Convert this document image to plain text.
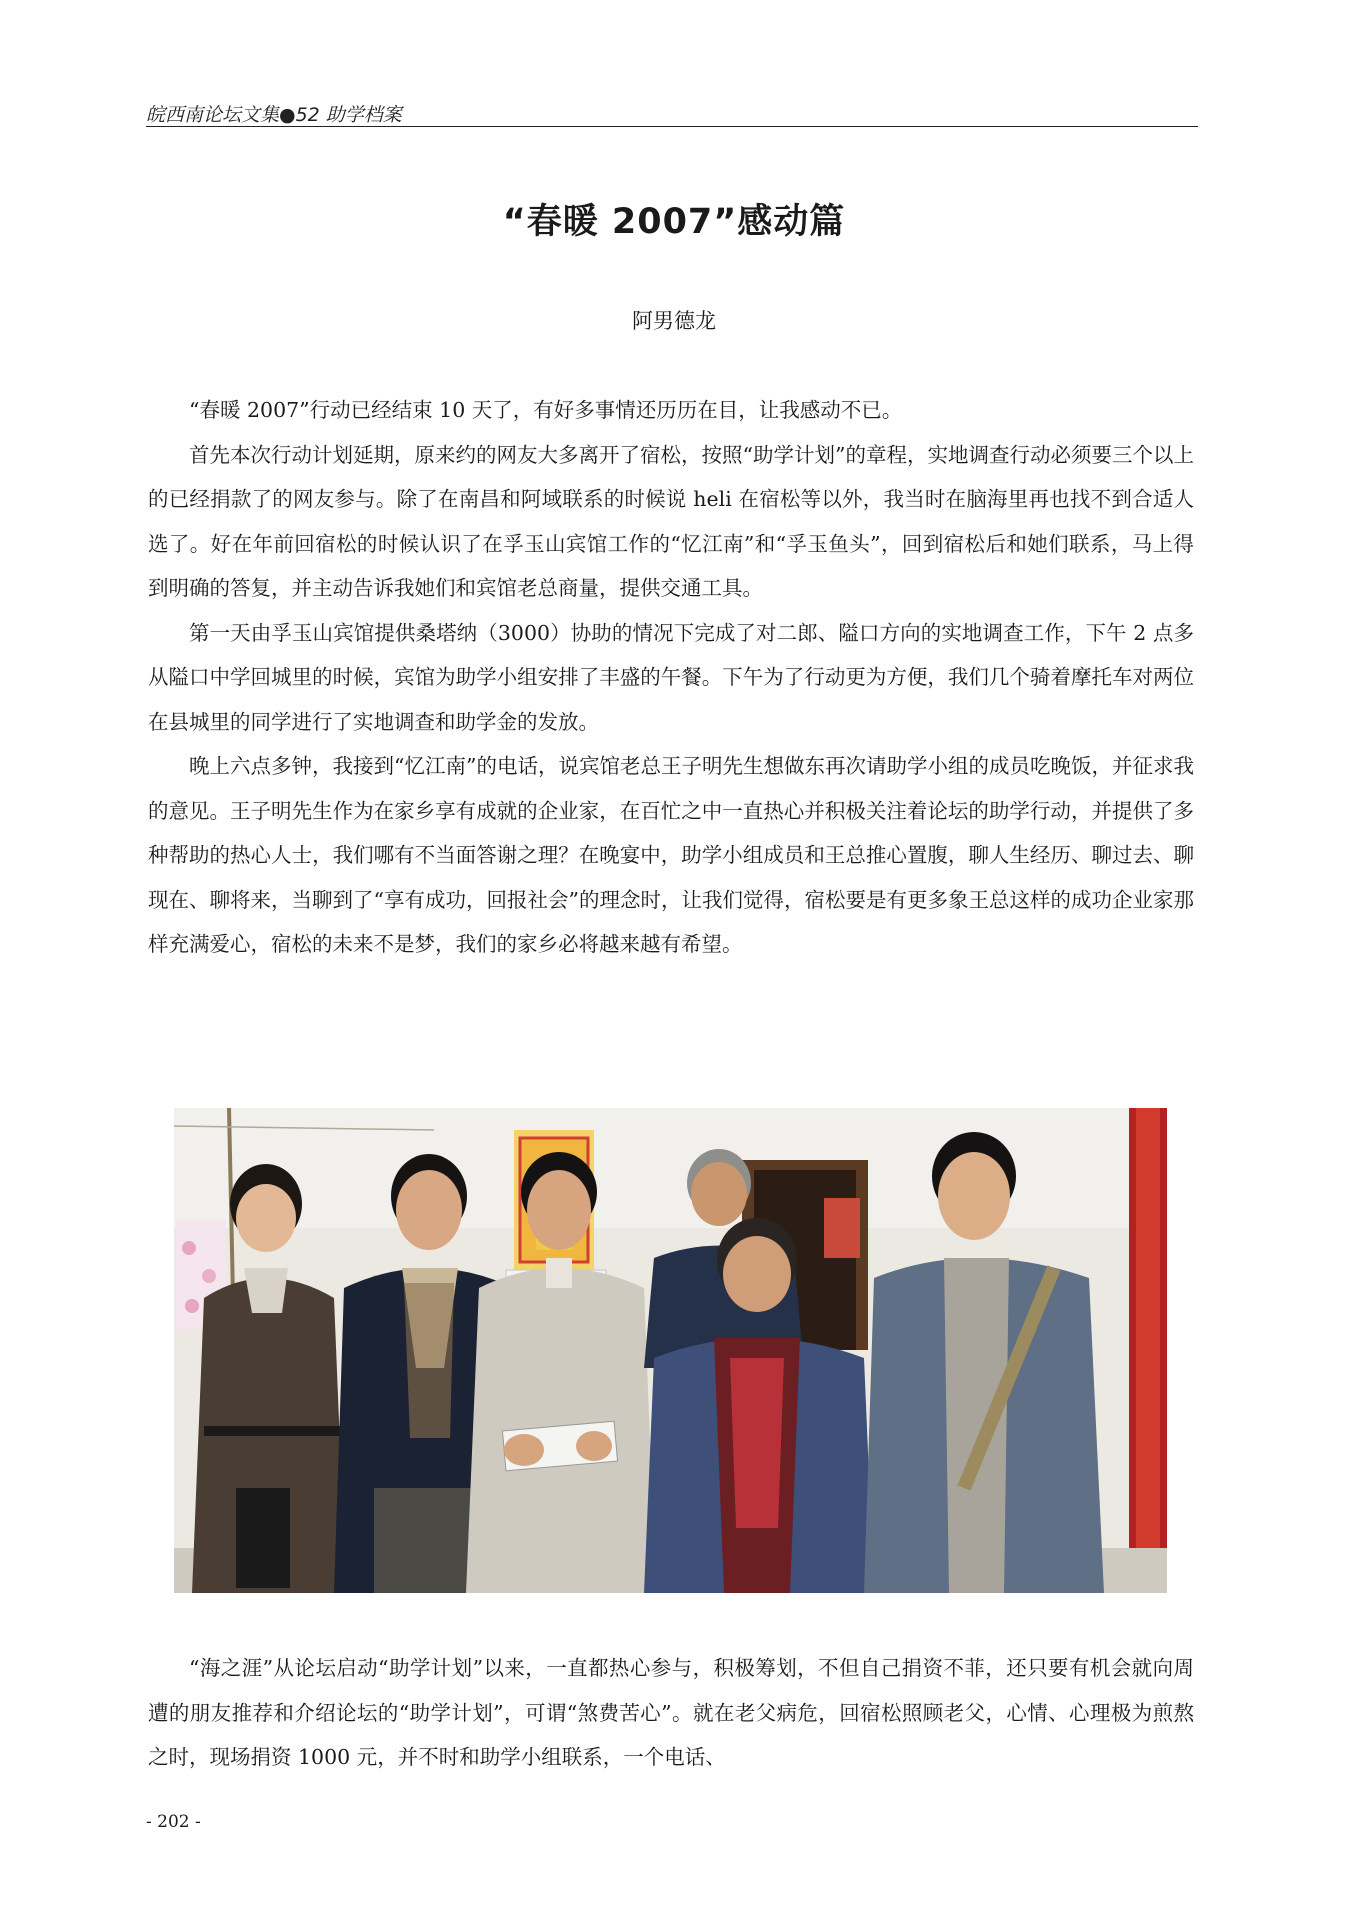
皖西南论坛文集●52 助学档案
“春暖 2007”感动篇
阿男德龙

“春暖 2007”行动已经结束 10 天了，有好多事情还历历在目，让我感动不已。

首先本次行动计划延期，原来约的网友大多离开了宿松，按照“助学计划”的章程，实地调查行动必须要三个以上的已经捐款了的网友参与。除了在南昌和阿域联系的时候说 heli 在宿松等以外，我当时在脑海里再也找不到合适人选了。好在年前回宿松的时候认识了在孚玉山宾馆工作的“忆江南”和“孚玉鱼头”，回到宿松后和她们联系，马上得到明确的答复，并主动告诉我她们和宾馆老总商量，提供交通工具。

第一天由孚玉山宾馆提供桑塔纳（3000）协助的情况下完成了对二郎、隘口方向的实地调查工作，下午 2 点多从隘口中学回城里的时候，宾馆为助学小组安排了丰盛的午餐。下午为了行动更为方便，我们几个骑着摩托车对两位在县城里的同学进行了实地调查和助学金的发放。

晚上六点多钟，我接到“忆江南”的电话，说宾馆老总王子明先生想做东再次请助学小组的成员吃晚饭，并征求我的意见。王子明先生作为在家乡享有成就的企业家，在百忙之中一直热心并积极关注着论坛的助学行动，并提供了多种帮助的热心人士，我们哪有不当面答谢之理？在晚宴中，助学小组成员和王总推心置腹，聊人生经历、聊过去、聊现在、聊将来，当聊到了“享有成功，回报社会”的理念时，让我们觉得，宿松要是有更多象王总这样的成功企业家那样充满爱心，宿松的未来不是梦，我们的家乡必将越来越有希望。

“海之涯”从论坛启动“助学计划”以来，一直都热心参与，积极筹划，不但自己捐资不菲，还只要有机会就向周遭的朋友推荐和介绍论坛的“助学计划”，可谓“煞费苦心”。就在老父病危，回宿松照顾老父，心情、心理极为煎熬之时，现场捐资 1000 元，并不时和助学小组联系，一个电话、

- 202 -
